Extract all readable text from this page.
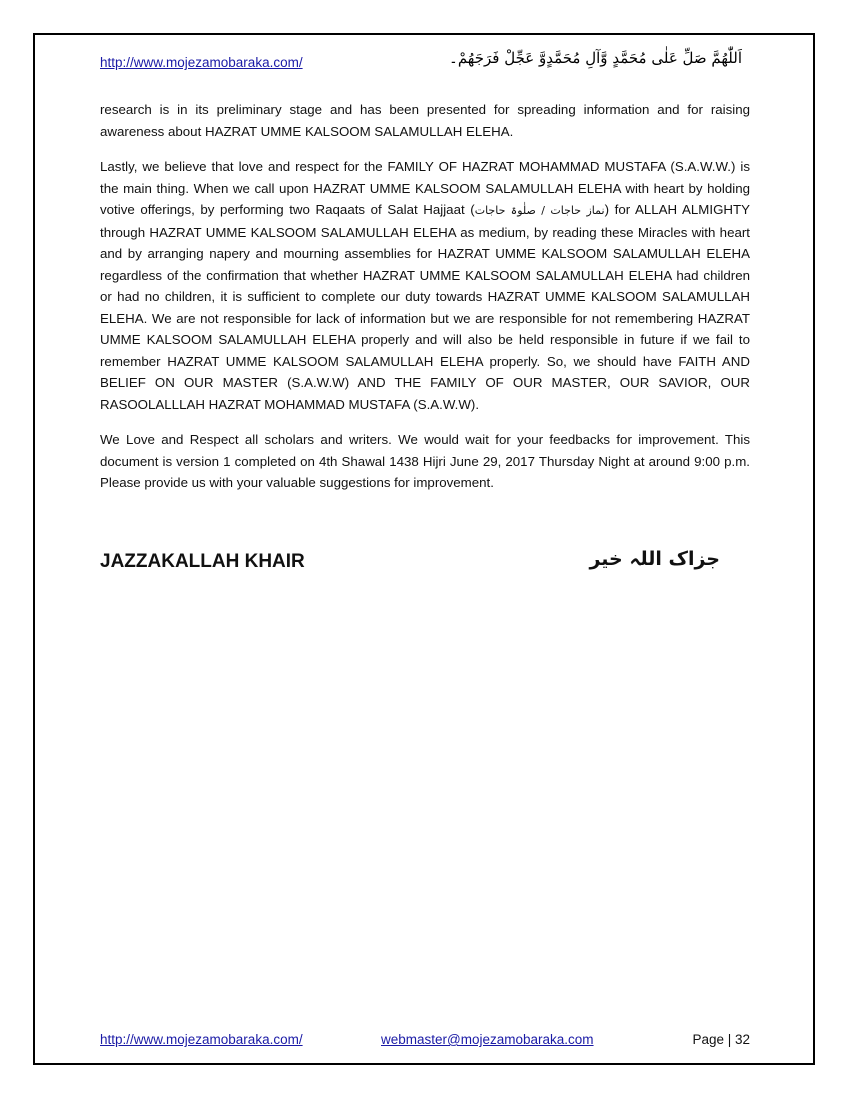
http://www.mojezamobaraka.com/	اَللّٰهُمَّ صَلِّ عَلٰی مُحَمَّدٍ وَّآلِ مُحَمَّدٍوَّ عَجِّلْ فَرَجَهُمْ۔

research is in its preliminary stage and has been presented for spreading information and for raising awareness about HAZRAT UMME KALSOOM SALAMULLAH ELEHA.

Lastly, we believe that love and respect for the FAMILY OF HAZRAT MOHAMMAD MUSTAFA (S.A.W.W.) is the main thing. When we call upon HAZRAT UMME KALSOOM SALAMULLAH ELEHA with heart by holding votive offerings, by performing two Raqaats of Salat Hajjaat (نماز حاجات / صلٰوۃ حاجات) for ALLAH ALMIGHTY through HAZRAT UMME KALSOOM SALAMULLAH ELEHA as medium, by reading these Miracles with heart and by arranging napery and mourning assemblies for HAZRAT UMME KALSOOM SALAMULLAH ELEHA regardless of the confirmation that whether HAZRAT UMME KALSOOM SALAMULLAH ELEHA had children or had no children, it is sufficient to complete our duty towards HAZRAT UMME KALSOOM SALAMULLAH ELEHA. We are not responsible for lack of information but we are responsible for not remembering HAZRAT UMME KALSOOM SALAMULLAH ELEHA properly and will also be held responsible in future if we fail to remember HAZRAT UMME KALSOOM SALAMULLAH ELEHA properly. So, we should have FAITH AND BELIEF ON OUR MASTER (S.A.W.W) AND THE FAMILY OF OUR MASTER, OUR SAVIOR, OUR RASOOLALLLAH HAZRAT MOHAMMAD MUSTAFA (S.A.W.W).

We Love and Respect all scholars and writers. We would wait for your feedbacks for improvement. This document is version 1 completed on 4th Shawal 1438 Hijri June 29, 2017 Thursday Night at around 9:00 p.m. Please provide us with your valuable suggestions for improvement.

JAZZAKALLAH KHAIR	جزاک اللہ خیر
http://www.mojezamobaraka.com/	webmaster@mojezamobaraka.com	Page | 32
